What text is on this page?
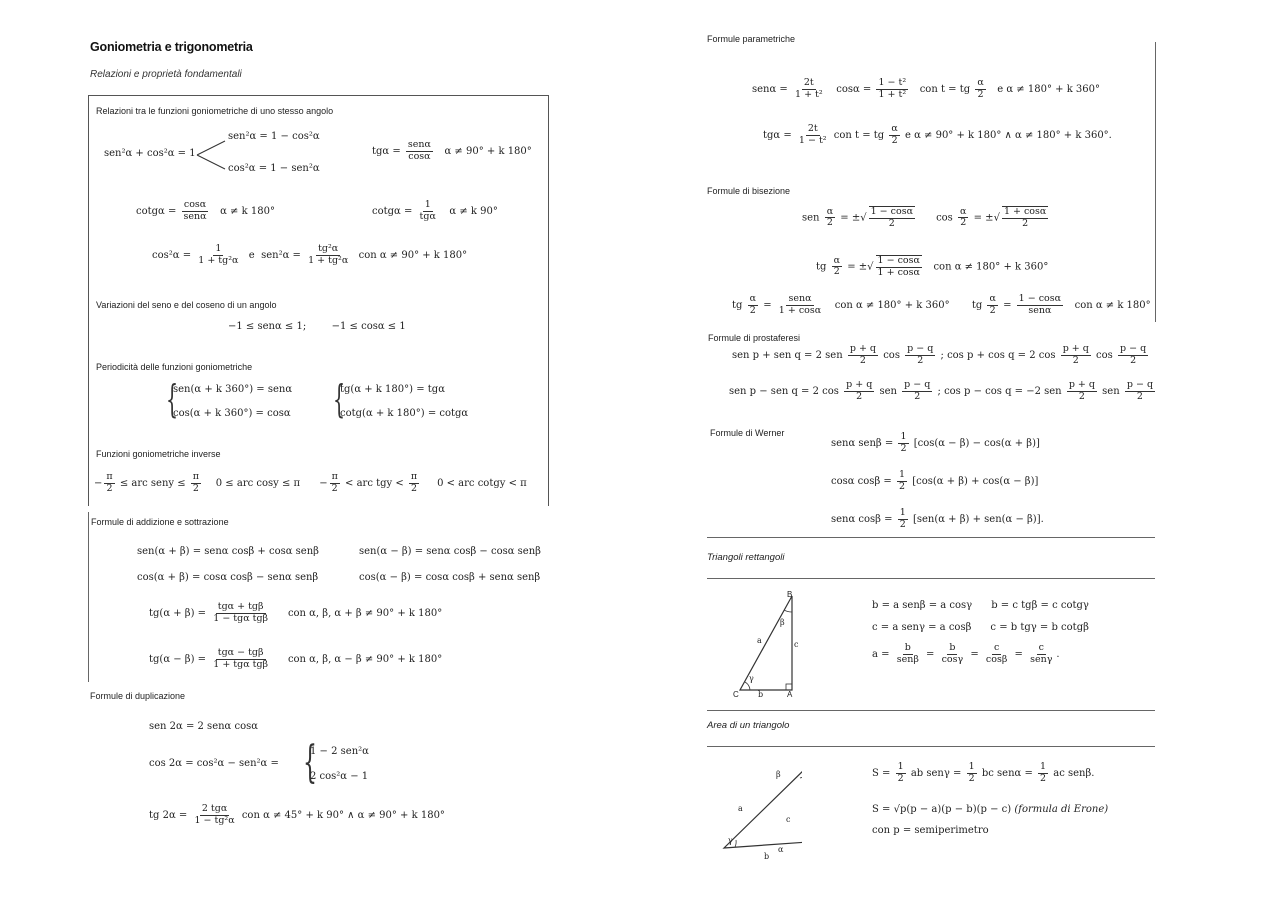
Goniometria e trigonometria
Relazioni e proprietà fondamentali
Relazioni tra le funzioni goniometriche di uno stesso angolo
sen²α + cos²α = 1
sen²α = 1 − cos²α
cos²α = 1 − sen²α
$tg\alpha = \frac{\text{senα}}{\cos\alpha}$ α ≠ 90° + k 180°
$\cot g\alpha = \frac{\cos\alpha}{\text{senα}}$ α ≠ k 180°	$\cot g\alpha = \frac{1}{\text{tgα}}$ α ≠ k 90°
$\cos^2\alpha = \frac{1}{\text{1 + tg²α}}$ e $sen^2\alpha = \frac{\text{tg²α}}{\text{1 + tg²α}}$ con α ≠ 90° + k 180°
Variazioni del seno e del coseno di un angolo
−1 ≤ senα ≤ 1;        −1 ≤ cosα ≤ 1
Periodicità delle funzioni goniometriche
{
sen(α + k 360°) = senα
cos(α + k 360°) = cosα {
tg(α + k 180°) = tgα
cotg(α + k 180°) = cotgα
Funzioni goniometriche inverse
− $\frac{\pi}{2}$ ≤ arc seny ≤ $\frac{\pi}{2} 0$ ≤ arc $\cos y \le \pi - \frac{\pi}{2}$ < arc tgy < $\frac{\pi}{2} 0$ < arc cotgy < π
Formule di addizione e sottrazione
sen(α + β) = senα cosβ + cosα senβ	sen(α − β) = senα cosβ − cosα senβ
cos(α + β) = cosα cosβ − senα senβ	cos(α − β) = cosα cosβ + senα senβ
$tg(\alpha + \beta) = \frac{\text{tgα + tgβ}}{\text{1 − tgα tgβ}}$ con α, β, α + β ≠ 90° + k 180°
$tg(\alpha - \beta) = \frac{\text{tgα − tgβ}}{\text{1 + tgα tgβ}}$ con α, β, α − β ≠ 90° + k 180°
Formule di duplicazione
sen 2α = 2 senα cosα
cos 2α = cos²α − sen²α = {
1 − 2 sen²α
2 cos²α − 1
tg $2\alpha = \frac{\text{2 tgα}}{\text{1 − tg²α}}$ con α ≠ 45° + k 90° ∧ α ≠ 90° + k 180°
Formule parametriche
$sen\alpha = \frac{2t}{\text{1 + t²}}$ $\cos\alpha = \frac{\text{1 − t²}}{\text{1 + t²}}$ con t = tg $\frac{\alpha}{2}$ e α ≠ 180° + k 360°
$tg\alpha = \frac{2t}{\text{1 − t²}}$ con t = tg $\frac{\alpha}{2}$ e α ≠ 90° + k 180° ∧ α ≠ 180° + k 360°.
Formule di bisezione
sen $\frac{\alpha}{2}$ = ±√ $\frac{1 - \cos\alpha}{2}$ $\cos \frac{\alpha}{2}$ = ±√ $\frac{1 + \cos\alpha}{2}$
tg $\frac{\alpha}{2}$ = ±√ $\frac{1 - \cos\alpha}{1 + \cos\alpha}$ con α ≠ 180° + k 360°
tg $\frac{\alpha}{2} = \frac{\text{senα}}{1 + \cos\alpha}$ con α ≠ 180° + k 360° tg $\frac{\alpha}{2} = \frac{1 - \cos\alpha}{\text{senα}}$ con α ≠ k 180°
Formule di prostaferesi
sen p + sen q = 2 sen $\frac{p + q}{2}$ $\cos \frac{p - q}{2}$ ; cos p + cos q = 2 $\cos \frac{p + q}{2}$ $\cos \frac{p - q}{2}$
sen p − sen q = 2 $\cos \frac{p + q}{2}$ sen $\frac{p - q}{2}$ ; cos p − cos q = −2 sen $\frac{p + q}{2}$ sen $\frac{p - q}{2}$
Formule di Werner
senα $sen\beta = \frac{1}{2} [\cos(\alpha - \beta) - \cos(\alpha + \beta)]$
cosα $\cos\beta = \frac{1}{2} [\cos(\alpha + \beta) + \cos(\alpha - \beta)]$
senα $\cos\beta = \frac{1}{2} [sen(\alpha + \beta) + sen(\alpha - \beta)]$.
Triangoli rettangoli
B
C	A
a
b
c
β
γ
b = a senβ = a cosγ      b = c tgβ = c cotgγ
c = a senγ = a cosβ      c = b tgγ = b cotgβ
$a = \frac{b}{\text{senβ}} = \frac{b}{\cos\gamma} = \frac{c}{\cos\beta} = \frac{c}{\text{senγ}}$ .
Area di un triangolo
a
b
c
α
β
γ
$S = \frac{1}{2}$ ab $sen\gamma = \frac{1}{2}$ bc $sen\alpha = \frac{1}{2}$ ac senβ.
S = √p(p − a)(p − b)(p − c) (formula di Erone)
con p = semiperimetro
